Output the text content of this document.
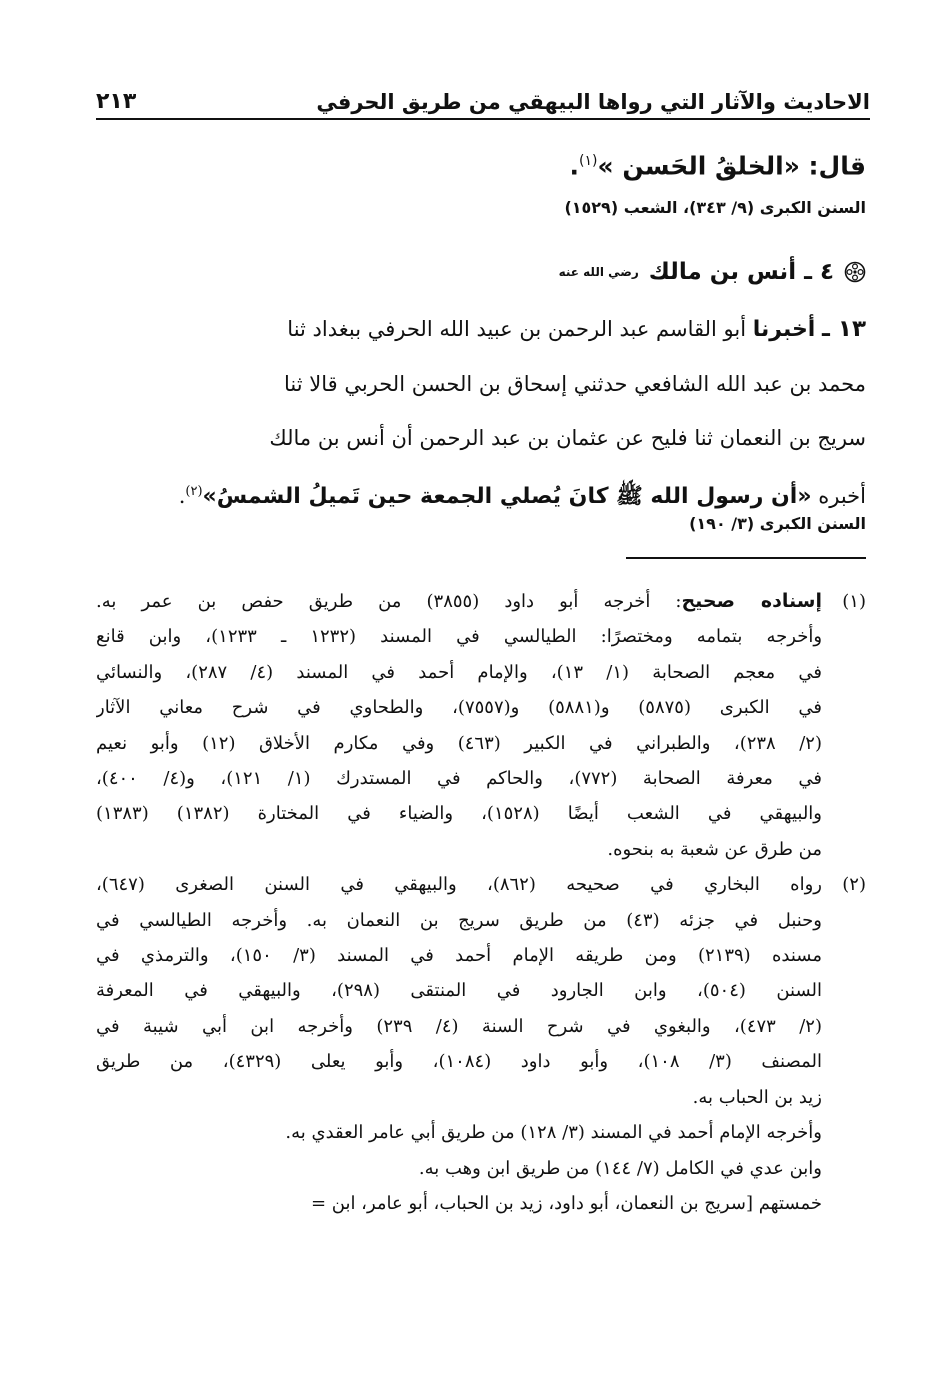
الاحاديث والآثار التي رواها البيهقي من طريق الحرفي
٢١٣
قال: «الخلقُ الحَسن »$^{(١)}$.
السنن الكبرى (٩/ ٣٤٣)، الشعب (١٥٢٩)
٤ ـ أنس بن مالك
رضي الله عنه
١٣ ـ أخبرنا أبو القاسم عبد الرحمن بن عبيد الله الحرفي ببغداد ثنا
محمد بن عبد الله الشافعي حدثني إسحاق بن الحسن الحربي قالا ثنا
سريج بن النعمان ثنا فليح عن عثمان بن عبد الرحمن أن أنس بن مالك
أخبره «أن رسول الله ﷺ كانَ يُصلي الجمعة حين تَميلُ الشمسُ»$^{(٢)}$.
السنن الكبرى (٣/ ١٩٠)
(١)
إسناده صحيح: أخرجه أبو داود (٣٨٥٥) من طريق حفص بن عمر به.
وأخرجه بتمامه ومختصرًا: الطيالسي في المسند (١٢٣٢ ـ ١٢٣٣)، وابن قانع
في معجم الصحابة (١/ ١٣)، والإمام أحمد في المسند (٤/ ٢٨٧)، والنسائي
في الكبرى (٥٨٧٥) و(٥٨٨١) و(٧٥٥٧)، والطحاوي في شرح معاني الآثار
(٢/ ٢٣٨)، والطبراني في الكبير (٤٦٣) وفي مكارم الأخلاق (١٢) وأبو نعيم
في معرفة الصحابة (٧٧٢)، والحاكم في المستدرك (١/ ١٢١)، و(٤/ ٤٠٠)،
والبيهقي في الشعب أيضًا (١٥٢٨)، والضياء في المختارة (١٣٨٢) (١٣٨٣)
من طرق عن شعبة به بنحوه.
(٢)
رواه البخاري في صحيحه (٨٦٢)، والبيهقي في السنن الصغرى (٦٤٧)،
وحنبل في جزئه (٤٣) من طريق سريج بن النعمان به. وأخرجه الطيالسي في
مسنده (٢١٣٩) ومن طريقه الإمام أحمد في المسند (٣/ ١٥٠)، والترمذي في
السنن (٥٠٤)، وابن الجارود في المنتقى (٢٩٨)، والبيهقي في المعرفة
(٢/ ٤٧٣)، والبغوي في شرح السنة (٤/ ٢٣٩) وأخرجه ابن أبي شيبة في
المصنف (٣/ ١٠٨)، وأبو داود (١٠٨٤)، وأبو يعلى (٤٣٢٩)، من طريق
زيد بن الحباب به.
وأخرجه الإمام أحمد في المسند (٣/ ١٢٨) من طريق أبي عامر العقدي به.
وابن عدي في الكامل (٧/ ١٤٤) من طريق ابن وهب به.
خمستهم [سريج بن النعمان، أبو داود، زيد بن الحباب، أبو عامر، ابن =
